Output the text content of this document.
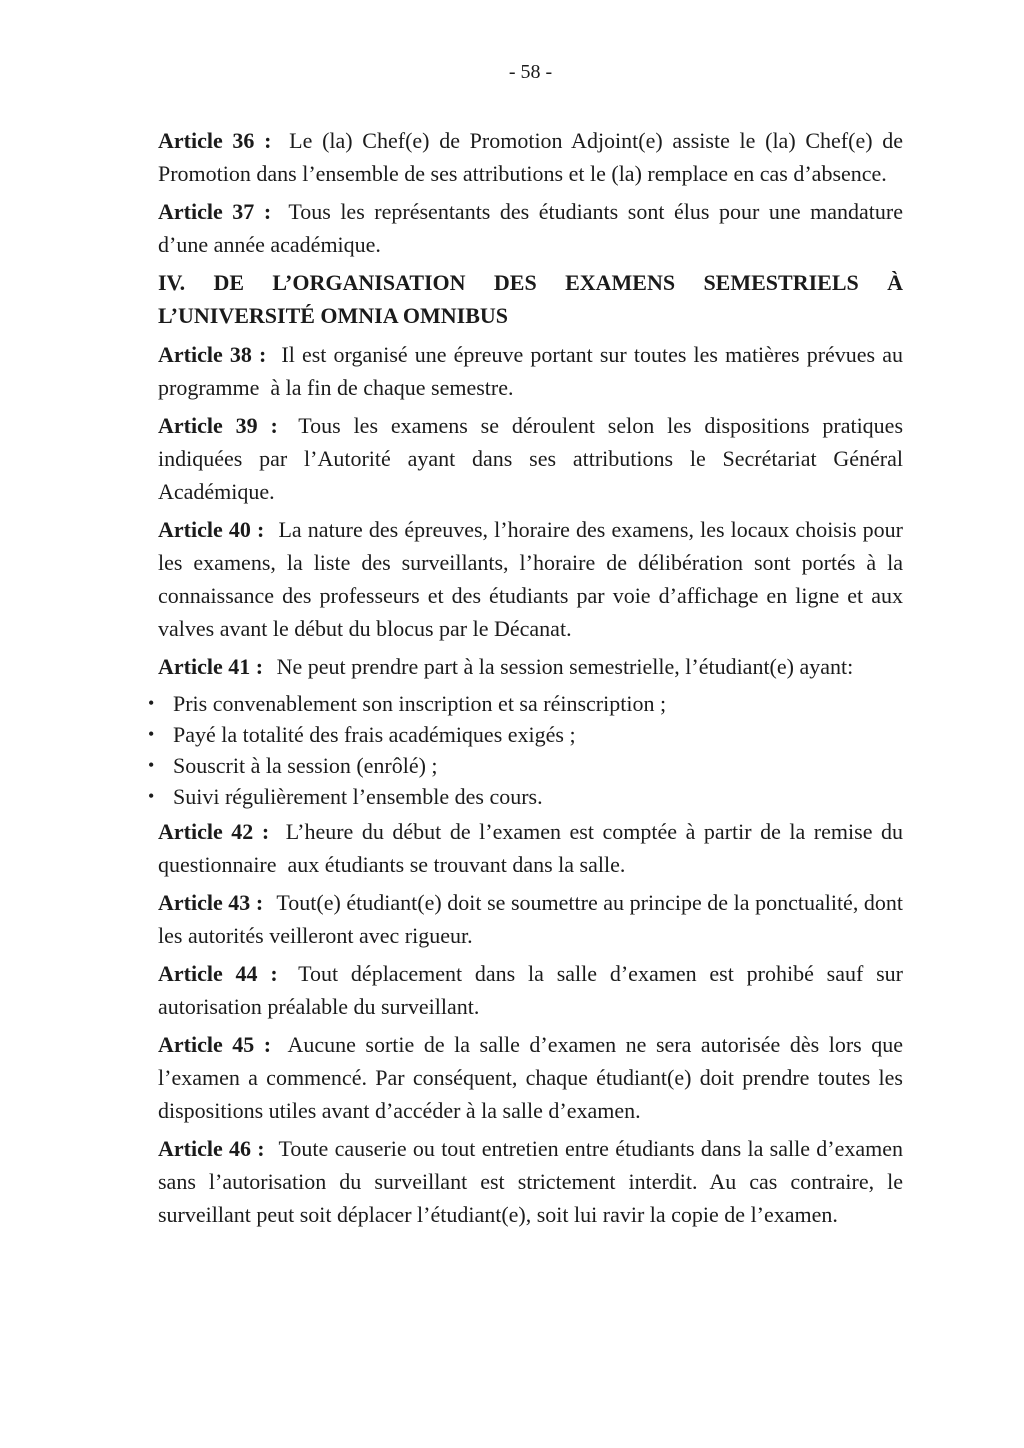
- 58 -

Article 36 : Le (la) Chef(e) de Promotion Adjoint(e) assiste le (la) Chef(e) de Promotion dans l’ensemble de ses attributions et le (la) remplace en cas d’absence.

Article 37 : Tous les représentants des étudiants sont élus pour une mandature d’une année académique.

IV. DE L’ORGANISATION DES EXAMENS SEMESTRIELS À L’UNIVERSITÉ OMNIA OMNIBUS

Article 38 : Il est organisé une épreuve portant sur toutes les matières prévues au programme  à la fin de chaque semestre.

Article 39 : Tous les examens se déroulent selon les dispositions pratiques indiquées par l’Autorité ayant dans ses attributions le Secrétariat Général Académique.

Article 40 : La nature des épreuves, l’horaire des examens, les locaux choisis pour les examens, la liste des surveillants, l’horaire de délibération sont portés à la connaissance des professeurs et des étudiants par voie d’affichage en ligne et aux valves avant le début du blocus par le Décanat.

Article 41 : Ne peut prendre part à la session semestrielle, l’étudiant(e) ayant:

• Pris convenablement son inscription et sa réinscription ;
• Payé la totalité des frais académiques exigés ;
• Souscrit à la session (enrôlé) ;
• Suivi régulièrement l’ensemble des cours.

Article 42 : L’heure du début de l’examen est comptée à partir de la remise du questionnaire  aux étudiants se trouvant dans la salle.

Article 43 : Tout(e) étudiant(e) doit se soumettre au principe de la ponctualité, dont les autorités veilleront avec rigueur.

Article 44 : Tout déplacement dans la salle d’examen est prohibé sauf sur autorisation préalable du surveillant.

Article 45 : Aucune sortie de la salle d’examen ne sera autorisée dès lors que l’examen a commencé. Par conséquent, chaque étudiant(e) doit prendre toutes les dispositions utiles avant d’accéder à la salle d’examen.

Article 46 : Toute causerie ou tout entretien entre étudiants dans la salle d’examen sans l’autorisation du surveillant est strictement interdit. Au cas contraire, le surveillant peut soit déplacer l’étudiant(e), soit lui ravir la copie de l’examen.
